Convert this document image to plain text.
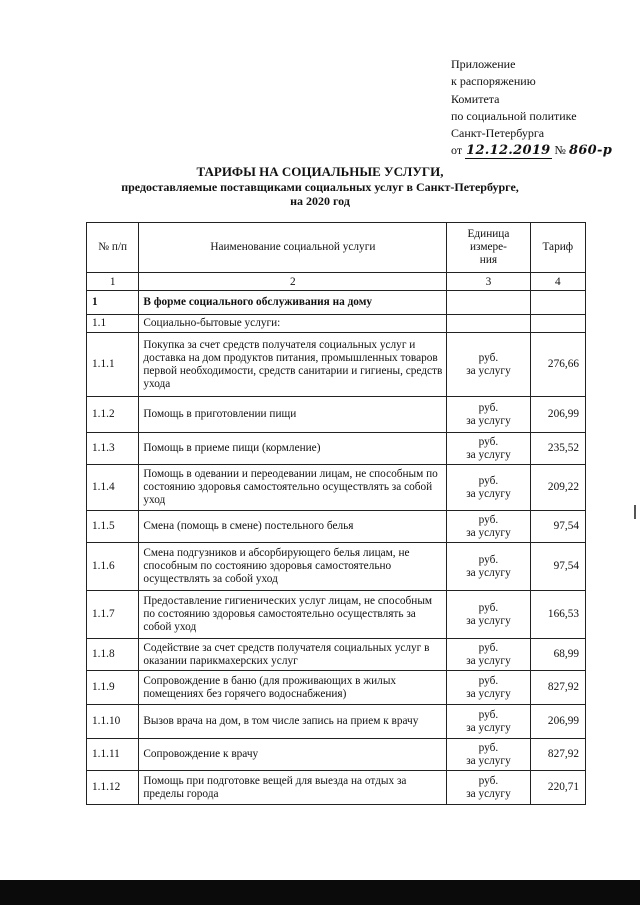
Приложение
к распоряжению
Комитета
по социальной политике
Санкт-Петербурга
от 12.12.2019 № 860-р
ТАРИФЫ НА СОЦИАЛЬНЫЕ УСЛУГИ,
предоставляемые поставщиками социальных услуг в Санкт-Петербурге,
на 2020 год
№ п/п	Наименование социальной услуги	Единица
измере-
ния	Тариф
1	2	3	4
1	В форме социального обслуживания на дому		
1.1	Социально-бытовые услуги:		
1.1.1	Покупка за счет средств получателя социальных услуг и доставка на дом продуктов питания, промышленных товаров первой необходимости, средств санитарии и гигиены, средств ухода	руб.
за услугу	276,66
1.1.2	Помощь в приготовлении пищи	руб.
за услугу	206,99
1.1.3	Помощь в приеме пищи (кормление)	руб.
за услугу	235,52
1.1.4	Помощь в одевании и переодевании лицам, не способным по состоянию здоровья самостоятельно осуществлять за собой уход	руб.
за услугу	209,22
1.1.5	Смена (помощь в смене) постельного белья	руб.
за услугу	97,54
1.1.6	Смена подгузников и абсорбирующего белья лицам, не способным по состоянию здоровья самостоятельно осуществлять за собой уход	руб.
за услугу	97,54
1.1.7	Предоставление гигиенических услуг лицам, не способным по состоянию здоровья самостоятельно осуществлять за собой уход	руб.
за услугу	166,53
1.1.8	Содействие за счет средств получателя социальных услуг в оказании парикмахерских услуг	руб.
за услугу	68,99
1.1.9	Сопровождение в баню (для проживающих в жилых помещениях без горячего водоснабжения)	руб.
за услугу	827,92
1.1.10	Вызов врача на дом, в том числе запись на прием к врачу	руб.
за услугу	206,99
1.1.11	Сопровождение к врачу	руб.
за услугу	827,92
1.1.12	Помощь при подготовке вещей для выезда на отдых за пределы города	руб.
за услугу	220,71
